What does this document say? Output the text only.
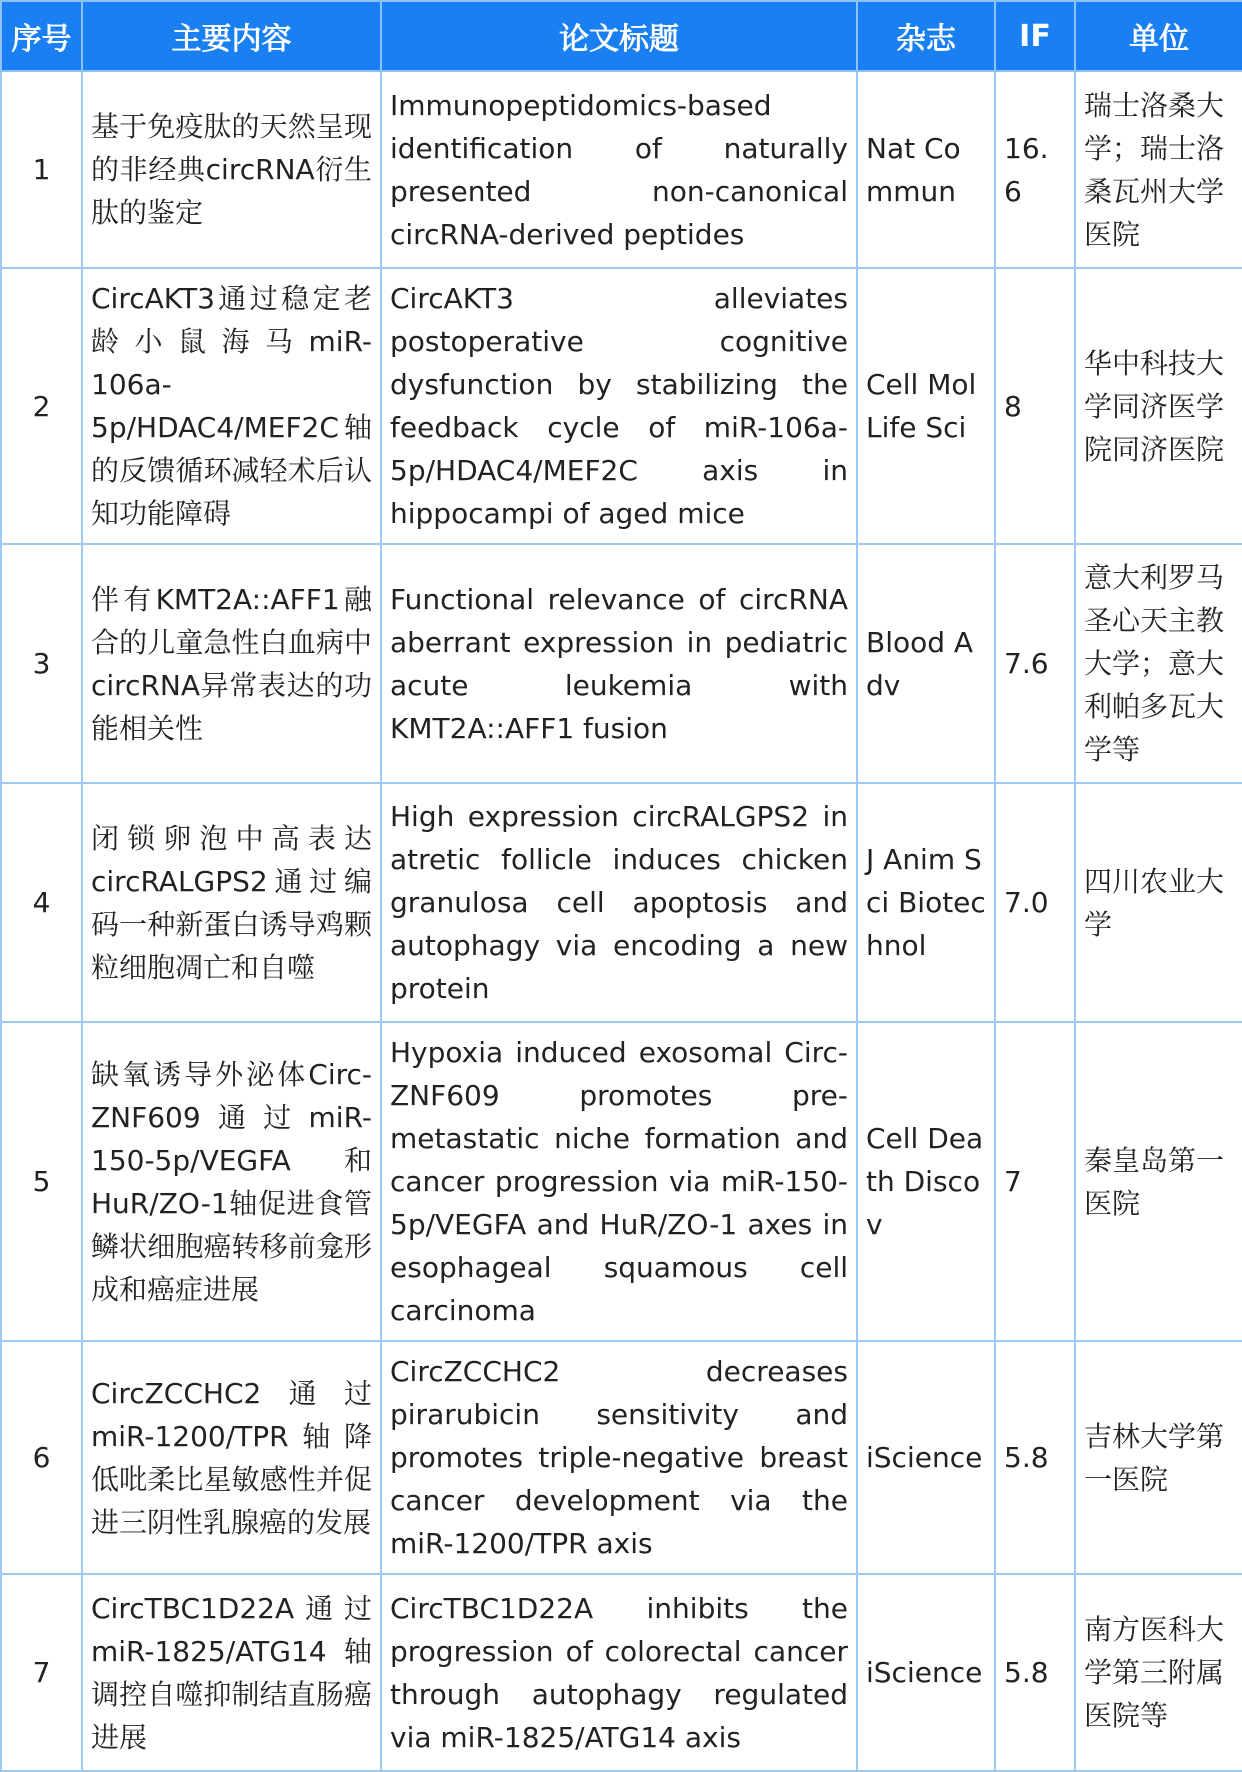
序号	主要内容	论文标题	杂志	IF	单位
1	基于免疫肽的天然呈现的非经典circRNA衍生肽的鉴定	Immunopeptidomics-based identification of naturally presented non-canonical circRNA-derived peptides	Nat Commun	16.6	瑞士洛桑大学；瑞士洛桑瓦州大学医院
2	CircAKT3通过稳定老龄小鼠海马miR-106a-5p/HDAC4/MEF2C轴的反馈循环减轻术后认知功能障碍	CircAKT3 alleviates postoperative cognitive dysfunction by stabilizing the feedback cycle of miR-106a-5p/HDAC4/MEF2C axis in hippocampi of aged mice	Cell Mol Life Sci	8	华中科技大学同济医学院同济医院
3	伴有KMT2A::AFF1融合的儿童急性白血病中circRNA异常表达的功能相关性	Functional relevance of circRNA aberrant expression in pediatric acute leukemia with KMT2A::AFF1 fusion	Blood Adv	7.6	意大利罗马圣心天主教大学；意大利帕多瓦大学等
4	闭锁卵泡中高表达circRALGPS2通过编码一种新蛋白诱导鸡颗粒细胞凋亡和自噬	High expression circRALGPS2 in atretic follicle induces chicken granulosa cell apoptosis and autophagy via encoding a new protein	J Anim Sci Biotechnol	7.0	四川农业大学
5	缺氧诱导外泌体Circ-ZNF609通过miR-150-5p/VEGFA和HuR/ZO-1轴促进食管鳞状细胞癌转移前龛形成和癌症进展	Hypoxia induced exosomal Circ-ZNF609 promotes pre-metastatic niche formation and cancer progression via miR-150-5p/VEGFA and HuR/ZO-1 axes in esophageal squamous cell carcinoma	Cell Death Discov	7	秦皇岛第一医院
6	CircZCCHC2通过miR-1200/TPR轴降低吡柔比星敏感性并促进三阴性乳腺癌的发展	CircZCCHC2 decreases pirarubicin sensitivity and promotes triple-negative breast cancer development via the miR-1200/TPR axis	iScience	5.8	吉林大学第一医院
7	CircTBC1D22A通过miR-1825/ATG14轴调控自噬抑制结直肠癌进展	CircTBC1D22A inhibits the progression of colorectal cancer through autophagy regulated via miR-1825/ATG14 axis	iScience	5.8	南方医科大学第三附属医院等
